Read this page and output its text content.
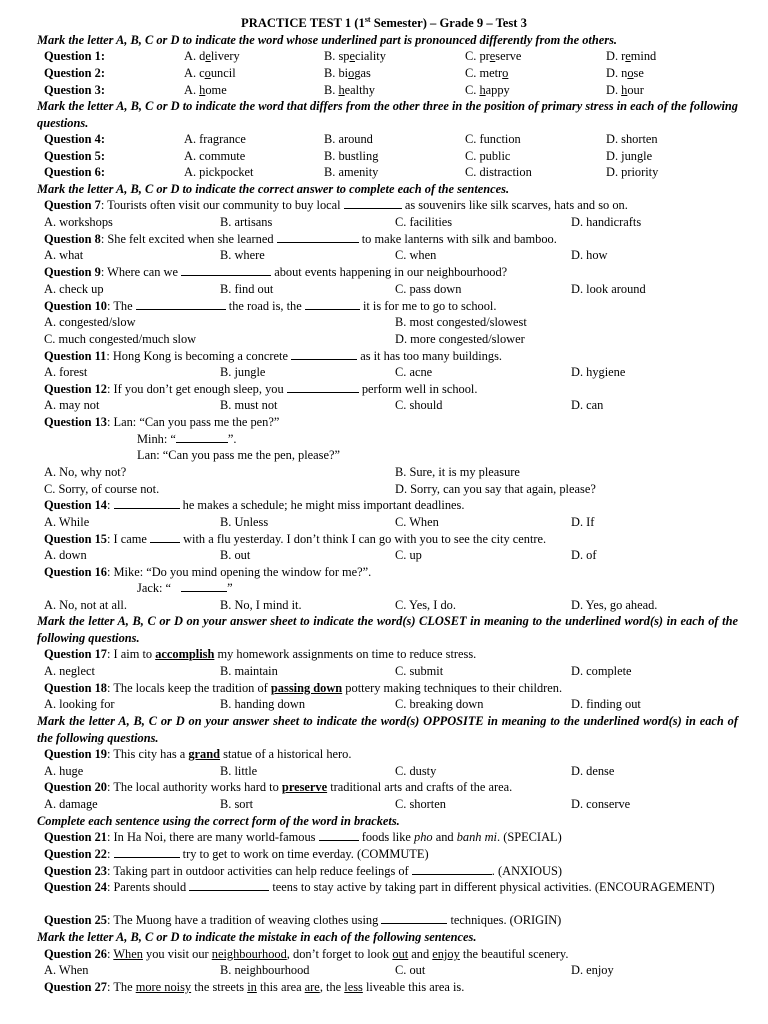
PRACTICE TEST 1 (1st Semester) – Grade 9 – Test 3
Mark the letter A, B, C or D to indicate the word whose underlined part is pronounced differently from the others.
Question 1:	A. delivery	B. speciality	C. preserve	D. remind
Question 2:	A. council	B. biogas	C. metro	D. nose
Question 3:	A. home	B. healthy	C. happy	D. hour
Mark the letter A, B, C or D to indicate the word that differs from the other three in the position of primary stress in each of the following questions.
Question 4:	A. fragrance	B. around	C. function	D. shorten
Question 5:	A. commute	B. bustling	C. public	D. jungle
Question 6:	A. pickpocket	B. amenity	C. distraction	D. priority
Mark the letter A, B, C or D to indicate the correct answer to complete each of the sentences.
Question 7: Tourists often visit our community to buy local	as souvenirs like silk scarves, hats and so on.
A. workshops	B. artisans	C. facilities	D. handicrafts
Question 8: She felt excited when she learned	to make lanterns with silk and bamboo.
A. what	B. where	C. when	D. how
Question 9: Where can we	about events happening in our neighbourhood?
A. check up	B. find out	C. pass down	D. look around
Question 10: The	the road is, the	it is for me to go to school.
A. congested/slow	B. most congested/slowest
C. much congested/much slow	D. more congested/slower
Question 11: Hong Kong is becoming a concrete	as it has too many buildings.
A. forest	B. jungle	C. acne	D. hygiene
Question 12: If you don’t get enough sleep, you	perform well in school.
A. may not	B. must not	C. should	D. can
Question 13: Lan: “Can you pass me the pen?”
Minh: “	”.
Lan: “Can you pass me the pen, please?”
A. No, why not?	B. Sure, it is my pleasure
C. Sorry, of course not.	D. Sorry, can you say that again, please?
Question 14:	he makes a schedule; he might miss important deadlines.
A. While	B. Unless	C. When	D. If
Question 15: I came  with a flu yesterday. I don’t think I can go with you to see the city centre.
A. down	B. out	C. up	D. of
Question 16: Mike: “Do you mind opening the window for me?”.
Jack: “	”
A. No, not at all.	B. No, I mind it.	C. Yes, I do.	D. Yes, go ahead.
Mark the letter A, B, C or D on your answer sheet to indicate the word(s) CLOSET in meaning to the underlined word(s) in each of the following questions.
Question 17: I aim to accomplish my homework assignments on time to reduce stress.
A. neglect	B. maintain	C. submit	D. complete
Question 18: The locals keep the tradition of passing down pottery making techniques to their children.
A. looking for	B. handing down	C. breaking down	D. finding out
Mark the letter A, B, C or D on your answer sheet to indicate the word(s) OPPOSITE in meaning to the underlined word(s) in each of the following questions.
Question 19: This city has a grand statue of a historical hero.
A. huge	B. little	C. dusty	D. dense
Question 20: The local authority works hard to preserve traditional arts and crafts of the area.
A. damage	B. sort	C. shorten	D. conserve
Complete each sentence using the correct form of the word in brackets.
Question 21: In Ha Noi, there are many world-famous	foods like pho and banh mi. (SPECIAL)
Question 22:	try to get to work on time everday. (COMMUTE)
Question 23: Taking part in outdoor activities can help reduce feelings of	. (ANXIOUS)
Question 24: Parents should	teens to stay active by taking part in different physical activities. (ENCOURAGEMENT)
Question 25: The Muong have a tradition of weaving clothes using	techniques. (ORIGIN)
Mark the letter A, B, C or D to indicate the mistake in each of the following sentences.
Question 26: When you visit our neighbourhood, don’t forget to look out and enjoy the beautiful scenery.
A. When	B. neighbourhood	C. out	D. enjoy
Question 27: The more noisy the streets in this area are, the less liveable this area is.
